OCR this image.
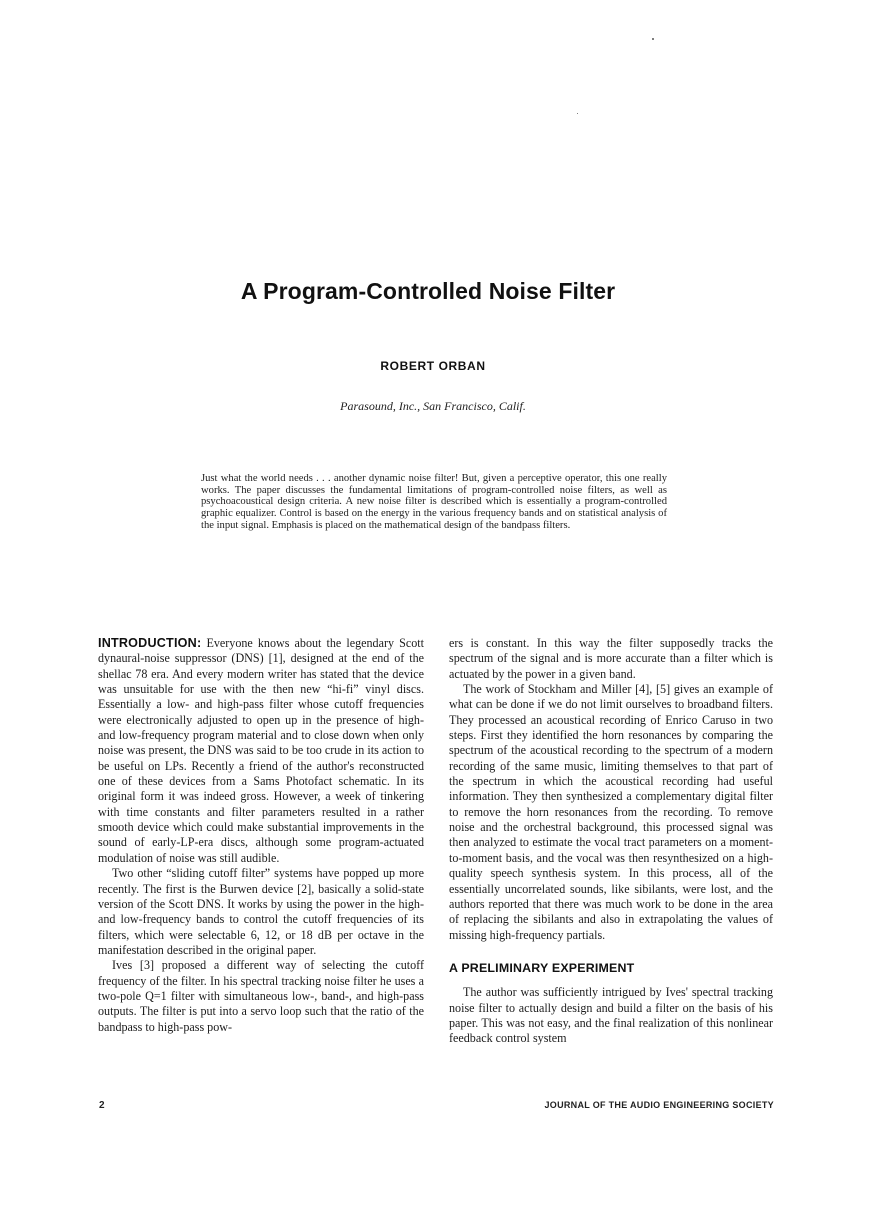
A Program-Controlled Noise Filter
ROBERT ORBAN
Parasound, Inc., San Francisco, Calif.

Just what the world needs . . . another dynamic noise filter! But, given a perceptive operator, this one really works. The paper discusses the fundamental limitations of program-controlled noise filters, as well as psychoacoustical design criteria. A new noise filter is described which is essentially a program-controlled graphic equalizer. Control is based on the energy in the various frequency bands and on statistical analysis of the input signal. Emphasis is placed on the mathematical design of the bandpass filters.

INTRODUCTION: Everyone knows about the legendary Scott dynaural-noise suppressor (DNS) [1], designed at the end of the shellac 78 era. And every modern writer has stated that the device was unsuitable for use with the then new “hi-fi” vinyl discs. Essentially a low- and high-pass filter whose cutoff frequencies were electronically adjusted to open up in the presence of high- and low-frequency program material and to close down when only noise was present, the DNS was said to be too crude in its action to be useful on LPs. Recently a friend of the author's reconstructed one of these devices from a Sams Photofact schematic. In its original form it was indeed gross. However, a week of tinkering with time constants and filter parameters resulted in a rather smooth device which could make substantial improvements in the sound of early-LP-era discs, although some program-actuated modulation of noise was still audible.

Two other “sliding cutoff filter” systems have popped up more recently. The first is the Burwen device [2], basically a solid-state version of the Scott DNS. It works by using the power in the high- and low-frequency bands to control the cutoff frequencies of its filters, which were selectable 6, 12, or 18 dB per octave in the manifestation described in the original paper.

Ives [3] proposed a different way of selecting the cutoff frequency of the filter. In his spectral tracking noise filter he uses a two-pole Q=1 filter with simultaneous low-, band-, and high-pass outputs. The filter is put into a servo loop such that the ratio of the bandpass to high-pass pow-

ers is constant. In this way the filter supposedly tracks the spectrum of the signal and is more accurate than a filter which is actuated by the power in a given band.

The work of Stockham and Miller [4], [5] gives an example of what can be done if we do not limit ourselves to broadband filters. They processed an acoustical recording of Enrico Caruso in two steps. First they identified the horn resonances by comparing the spectrum of the acoustical recording to the spectrum of a modern recording of the same music, limiting themselves to that part of the spectrum in which the acoustical recording had useful information. They then synthesized a complementary digital filter to remove the horn resonances from the recording. To remove noise and the orchestral background, this processed signal was then analyzed to estimate the vocal tract parameters on a moment-to-moment basis, and the vocal was then resynthesized on a high-quality speech synthesis system. In this process, all of the essentially uncorrelated sounds, like sibilants, were lost, and the authors reported that there was much work to be done in the area of replacing the sibilants and also in extrapolating the values of missing high-frequency partials.

A PRELIMINARY EXPERIMENT

The author was sufficiently intrigued by Ives' spectral tracking noise filter to actually design and build a filter on the basis of his paper. This was not easy, and the final realization of this nonlinear feedback control system

2	JOURNAL OF THE AUDIO ENGINEERING SOCIETY
